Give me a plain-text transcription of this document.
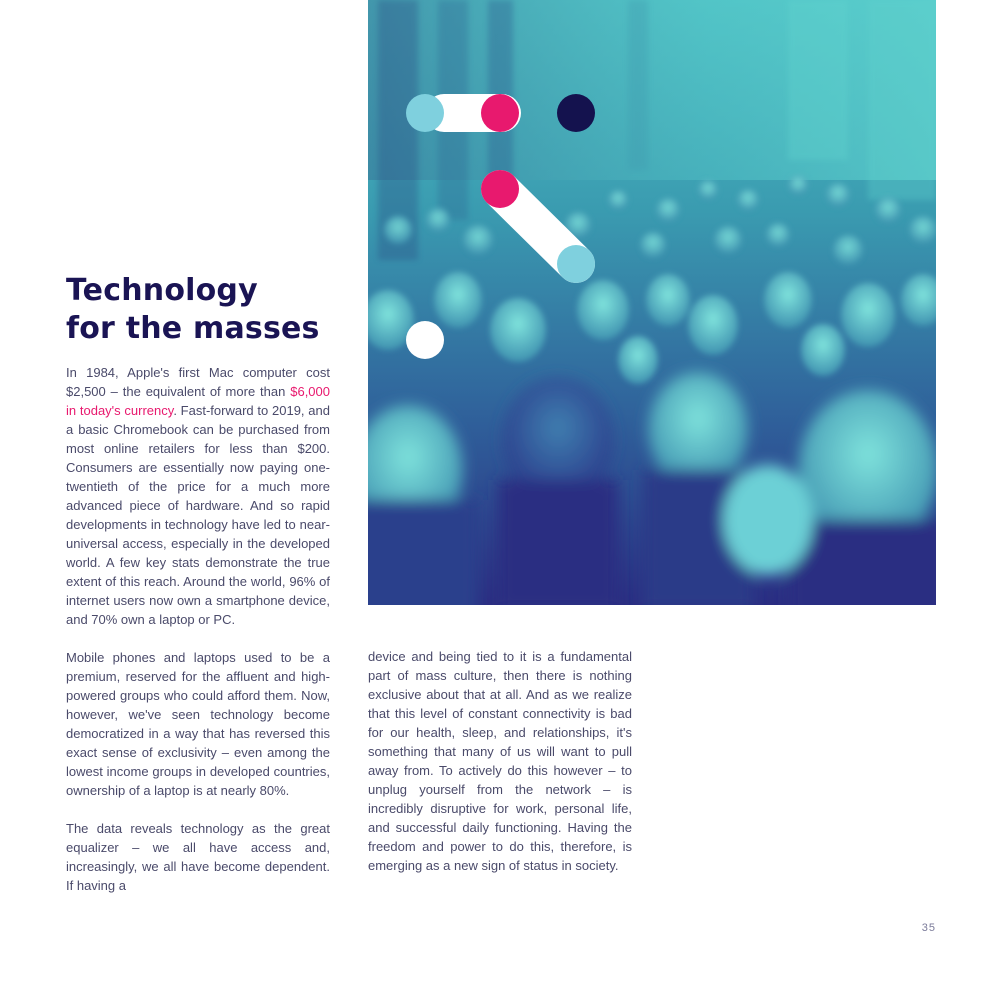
Technology
for the masses

In 1984, Apple's first Mac computer cost $2,500 – the equivalent of more than $6,000 in today's currency. Fast-forward to 2019, and a basic Chromebook can be purchased from most online retailers for less than $200. Consumers are essentially now paying one-twentieth of the price for a much more advanced piece of hardware. And so rapid developments in technology have led to near-universal access, especially in the developed world. A few key stats demonstrate the true extent of this reach. Around the world, 96% of internet users now own a smartphone device, and 70% own a laptop or PC.

Mobile phones and laptops used to be a premium, reserved for the affluent and high-powered groups who could afford them. Now, however, we've seen technology become democratized in a way that has reversed this exact sense of exclusivity – even among the lowest income groups in developed countries, ownership of a laptop is at nearly 80%.

The data reveals technology as the great equalizer – we all have access and, increasingly, we all have become dependent. If having a

device and being tied to it is a fundamental part of mass culture, then there is nothing exclusive about that at all. And as we realize that this level of constant connectivity is bad for our health, sleep, and relationships, it's something that many of us will want to pull away from. To actively do this however – to unplug yourself from the network – is incredibly disruptive for work, personal life, and successful daily functioning. Having the freedom and power to do this, therefore, is emerging as a new sign of status in society.

35
